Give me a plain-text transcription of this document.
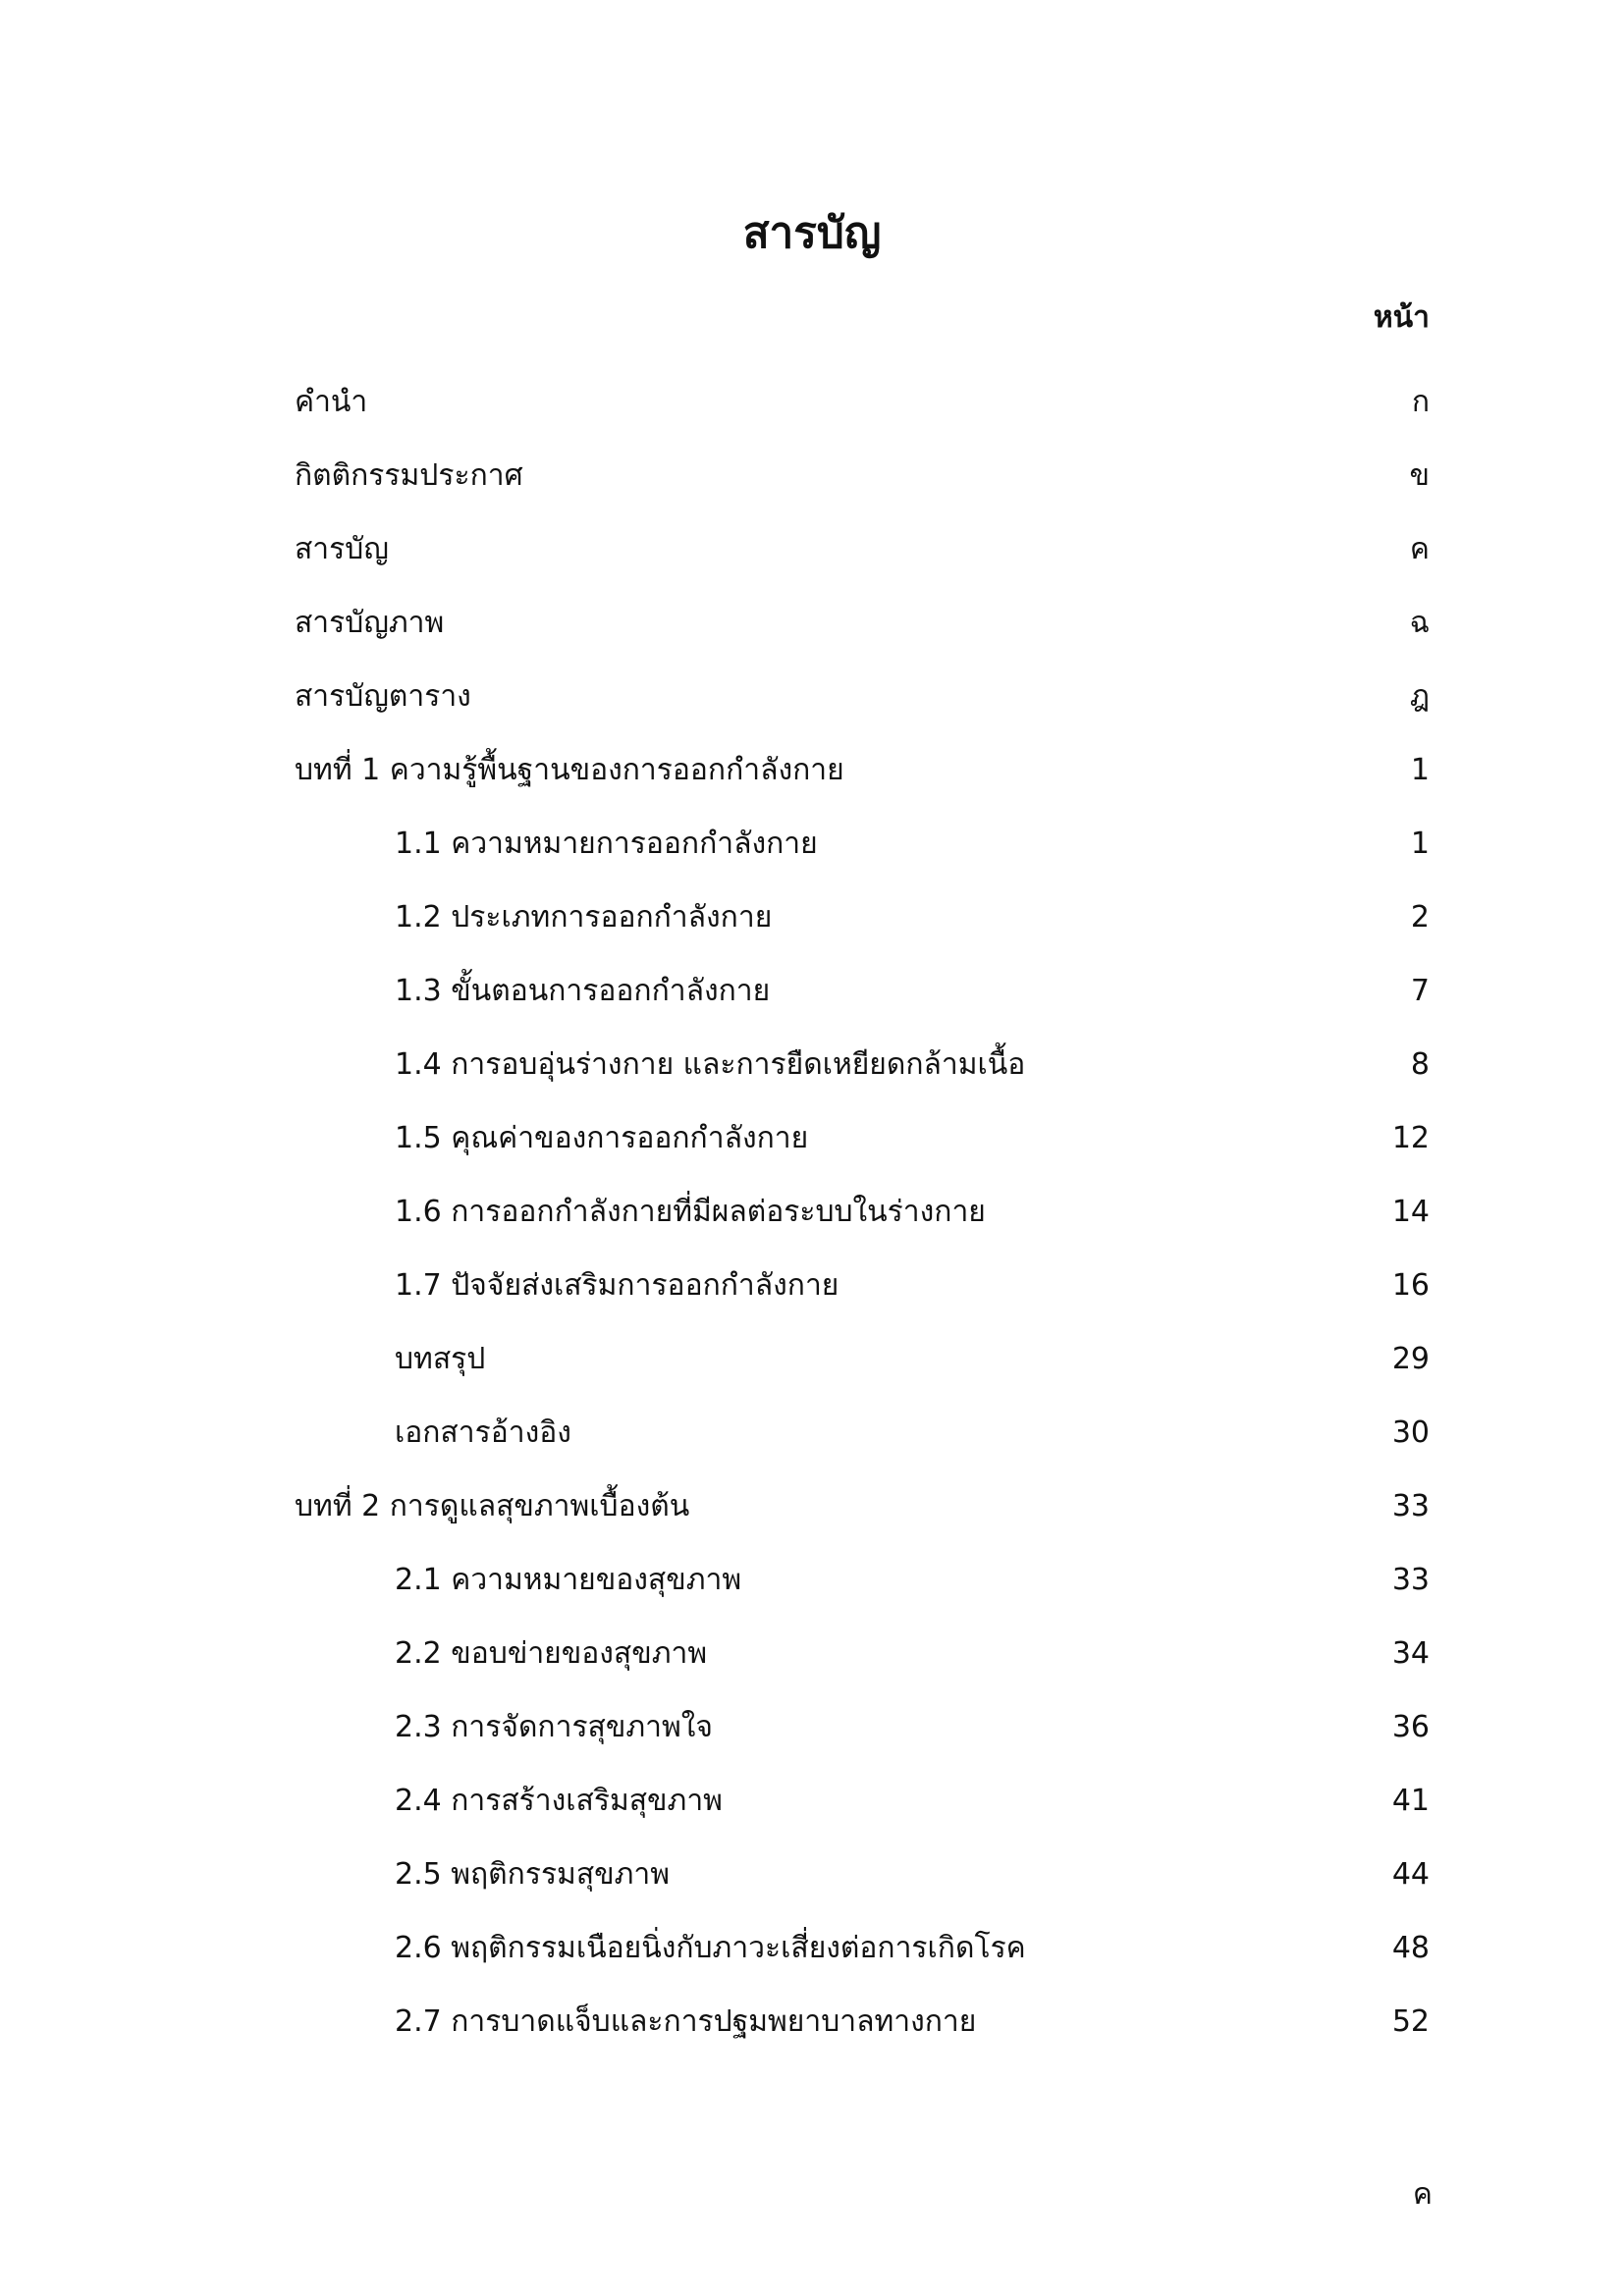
สารบัญ
หน้า
คำนำ	ก
กิตติกรรมประกาศ	ข
สารบัญ	ค
สารบัญภาพ	ฉ
สารบัญตาราง	ฎ
บทที่ 1 ความรู้พื้นฐานของการออกกำลังกาย	1
1.1 ความหมายการออกกำลังกาย	1
1.2 ประเภทการออกกำลังกาย	2
1.3 ขั้นตอนการออกกำลังกาย	7
1.4 การอบอุ่นร่างกาย และการยืดเหยียดกล้ามเนื้อ	8
1.5 คุณค่าของการออกกำลังกาย	12
1.6 การออกกำลังกายที่มีผลต่อระบบในร่างกาย	14
1.7 ปัจจัยส่งเสริมการออกกำลังกาย	16
บทสรุป	29
เอกสารอ้างอิง	30
บทที่ 2 การดูแลสุขภาพเบื้องต้น	33
2.1 ความหมายของสุขภาพ	33
2.2 ขอบข่ายของสุขภาพ	34
2.3 การจัดการสุขภาพใจ	36
2.4 การสร้างเสริมสุขภาพ	41
2.5 พฤติกรรมสุขภาพ	44
2.6 พฤติกรรมเนือยนิ่งกับภาวะเสี่ยงต่อการเกิดโรค	48
2.7 การบาดแจ็บและการปฐมพยาบาลทางกาย	52
ค
